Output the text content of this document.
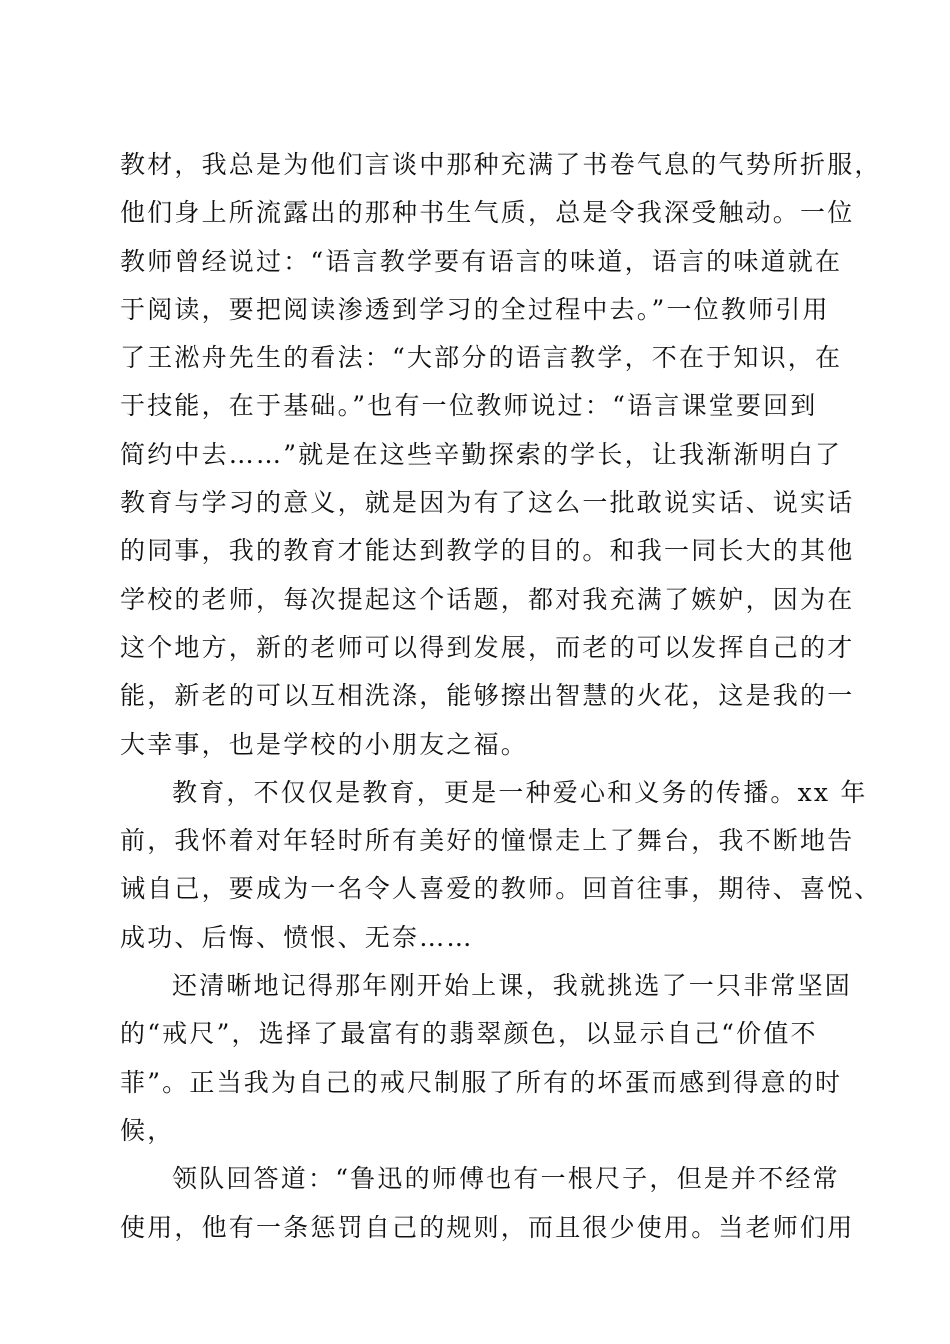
教材，我总是为他们言谈中那种充满了书卷气息的气势所折服，
他们身上所流露出的那种书生气质，总是令我深受触动。一位
教师曾经说过：“语言教学要有语言的味道，语言的味道就在
于阅读，要把阅读渗透到学习的全过程中去。”一位教师引用
了王淞舟先生的看法：“大部分的语言教学，不在于知识，在
于技能，在于基础。”也有一位教师说过：“语言课堂要回到
简约中去……”就是在这些辛勤探索的学长，让我渐渐明白了
教育与学习的意义，就是因为有了这么一批敢说实话、说实话
的同事，我的教育才能达到教学的目的。和我一同长大的其他
学校的老师，每次提起这个话题，都对我充满了嫉妒，因为在
这个地方，新的老师可以得到发展，而老的可以发挥自己的才
能，新老的可以互相洗涤，能够擦出智慧的火花，这是我的一
大幸事，也是学校的小朋友之福。
教育，不仅仅是教育，更是一种爱心和义务的传播。xx 年
前，我怀着对年轻时所有美好的憧憬走上了舞台，我不断地告
诫自己，要成为一名令人喜爱的教师。回首往事，期待、喜悦、
成功、后悔、愤恨、无奈……
还清晰地记得那年刚开始上课，我就挑选了一只非常坚固
的“戒尺”，选择了最富有的翡翠颜色，以显示自己“价值不
菲”。正当我为自己的戒尺制服了所有的坏蛋而感到得意的时
候，
领队回答道：“鲁迅的师傅也有一根尺子，但是并不经常
使用，他有一条惩罚自己的规则，而且很少使用。当老师们用
